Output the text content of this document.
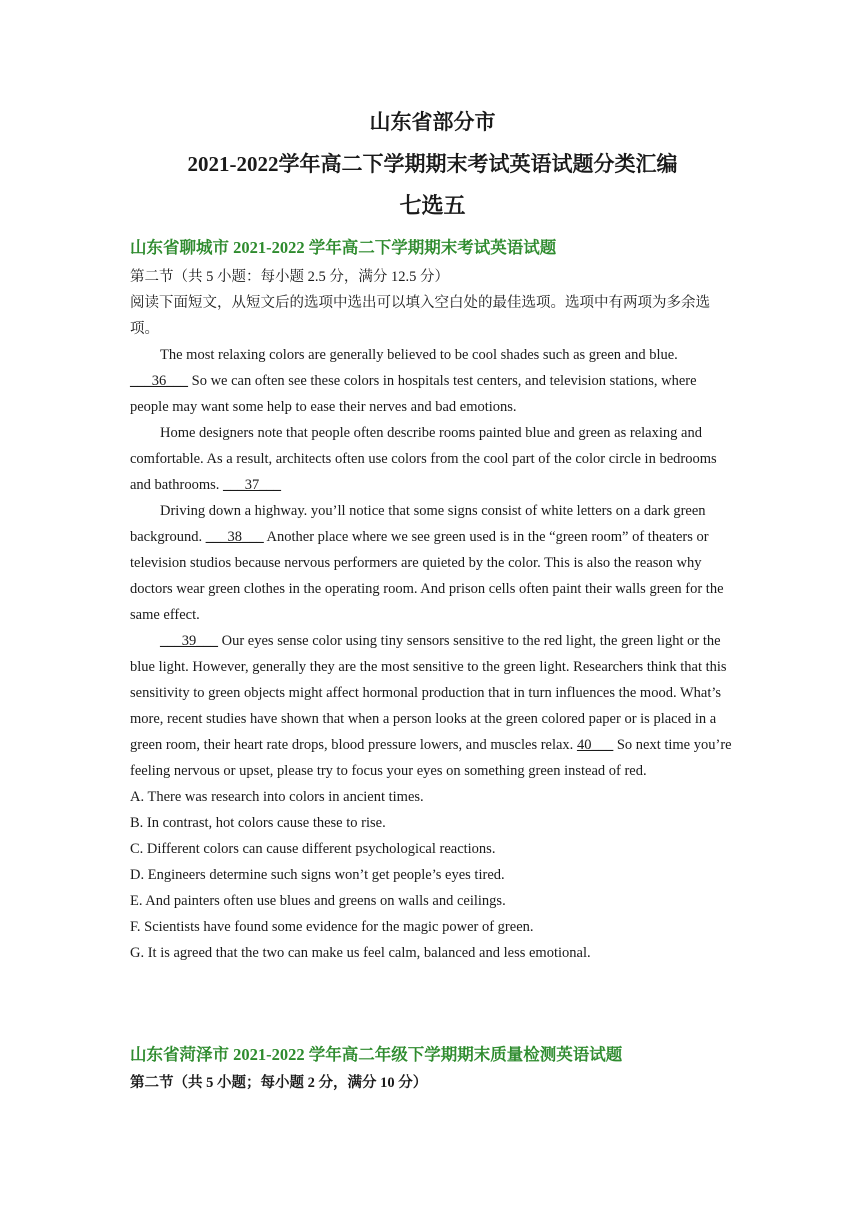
山东省部分市
2021-2022学年高二下学期期末考试英语试题分类汇编
七选五
山东省聊城市 2021-2022 学年高二下学期期末考试英语试题

第二节（共 5 小题：每小题 2.5 分，满分 12.5 分）

阅读下面短文，从短文后的选项中选出可以填入空白处的最佳选项。选项中有两项为多余选项。

The most relaxing colors are generally believed to be cool shades such as green and blue. ___36___ So we can often see these colors in hospitals test centers, and television stations, where people may want some help to ease their nerves and bad emotions.

Home designers note that people often describe rooms painted blue and green as relaxing and comfortable. As a result, architects often use colors from the cool part of the color circle in bedrooms and bathrooms. ___37___

Driving down a highway. you’ll notice that some signs consist of white letters on a dark green background. ___38___ Another place where we see green used is in the “green room” of theaters or television studios because nervous performers are quieted by the color. This is also the reason why doctors wear green clothes in the operating room. And prison cells often paint their walls green for the same effect.

___39___ Our eyes sense color using tiny sensors sensitive to the red light, the green light or the blue light. However, generally they are the most sensitive to the green light. Researchers think that this sensitivity to green objects might affect hormonal production that in turn influences the mood. What’s more, recent studies have shown that when a person looks at the green colored paper or is placed in a green room, their heart rate drops, blood pressure lowers, and muscles relax. 40___ So next time you’re feeling nervous or upset, please try to focus your eyes on something green instead of red.

A. There was research into colors in ancient times.

B. In contrast, hot colors cause these to rise.

C. Different colors can cause different psychological reactions.

D. Engineers determine such signs won’t get people’s eyes tired.

E. And painters often use blues and greens on walls and ceilings.

F. Scientists have found some evidence for the magic power of green.

G. It is agreed that the two can make us feel calm, balanced and less emotional.

山东省菏泽市 2021-2022 学年高二年级下学期期末质量检测英语试题
第二节（共 5 小题；每小题 2 分，满分 10 分）
